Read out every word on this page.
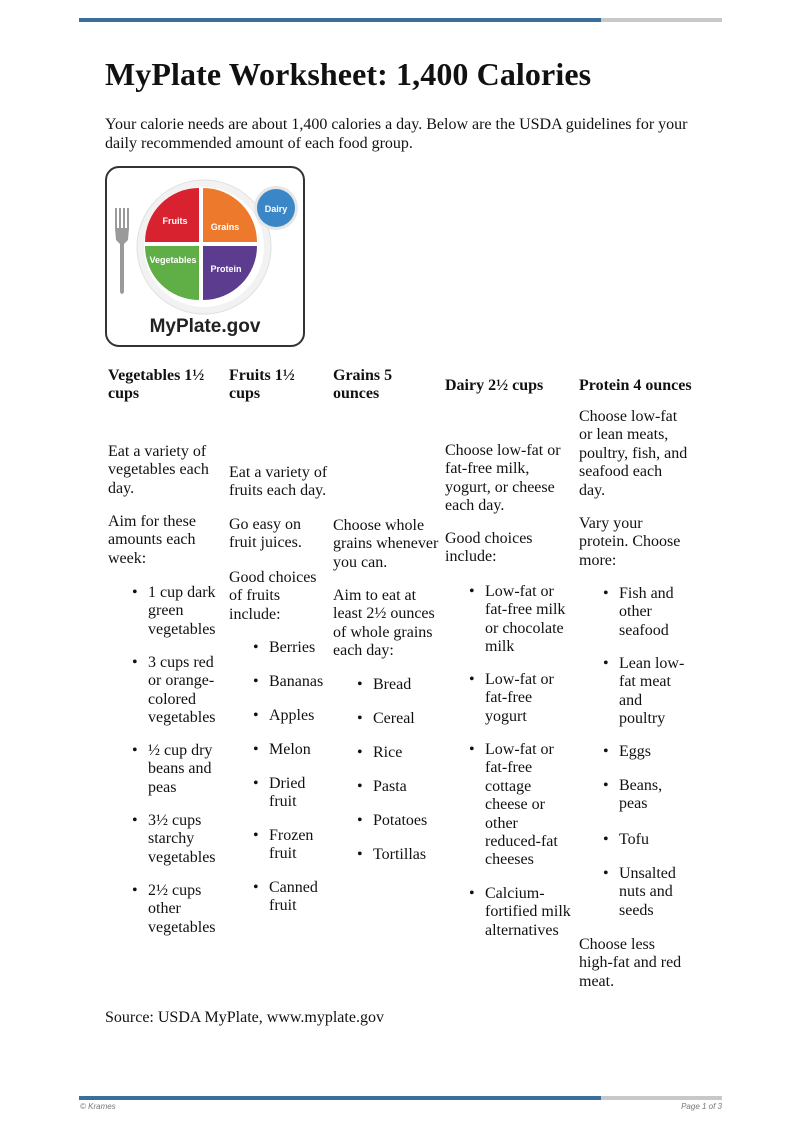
MyPlate Worksheet: 1,400 Calories

Your calorie needs are about 1,400 calories a day. Below are the USDA guidelines for your daily recommended amount of each food group.

Fruits
Grains
Vegetables
Protein
Dairy
MyPlate.gov
Vegetables 1½
cups

Eat a variety of
vegetables each
day.

Aim for these
amounts each
week:

• 1 cup dark
green
vegetables
• 3 cups red
or orange-
colored
vegetables
• ½ cup dry
beans and
peas
• 3½ cups
starchy
vegetables
• 2½ cups
other
vegetables
Fruits 1½
cups

Eat a variety of
fruits each day.

Go easy on
fruit juices.

Good choices
of fruits
include:

• Berries
• Bananas
• Apples
• Melon
• Dried
fruit
• Frozen
fruit
• Canned
fruit
Grains 5
ounces

Choose whole
grains whenever
you can.

Aim to eat at
least 2½ ounces
of whole grains
each day:

• Bread
• Cereal
• Rice
• Pasta
• Potatoes
• Tortillas
Dairy 2½ cups

Choose low-fat or
fat-free milk,
yogurt, or cheese
each day.

Good choices
include:

• Low-fat or
fat-free milk
or chocolate
milk
• Low-fat or
fat-free
yogurt
• Low-fat or
fat-free
cottage
cheese or
other
reduced-fat
cheeses
• Calcium-
fortified milk
alternatives
Protein 4 ounces

Choose low-fat
or lean meats,
poultry, fish, and
seafood each
day.

Vary your
protein. Choose
more:

Choose less
high-fat and red
meat.

• Fish and
other
seafood
• Lean low-
fat meat
and
poultry
• Eggs
• Beans,
peas
• Tofu
• Unsalted
nuts and
seeds

Source: USDA MyPlate, www.myplate.gov

© Krames	Page 1 of 3
